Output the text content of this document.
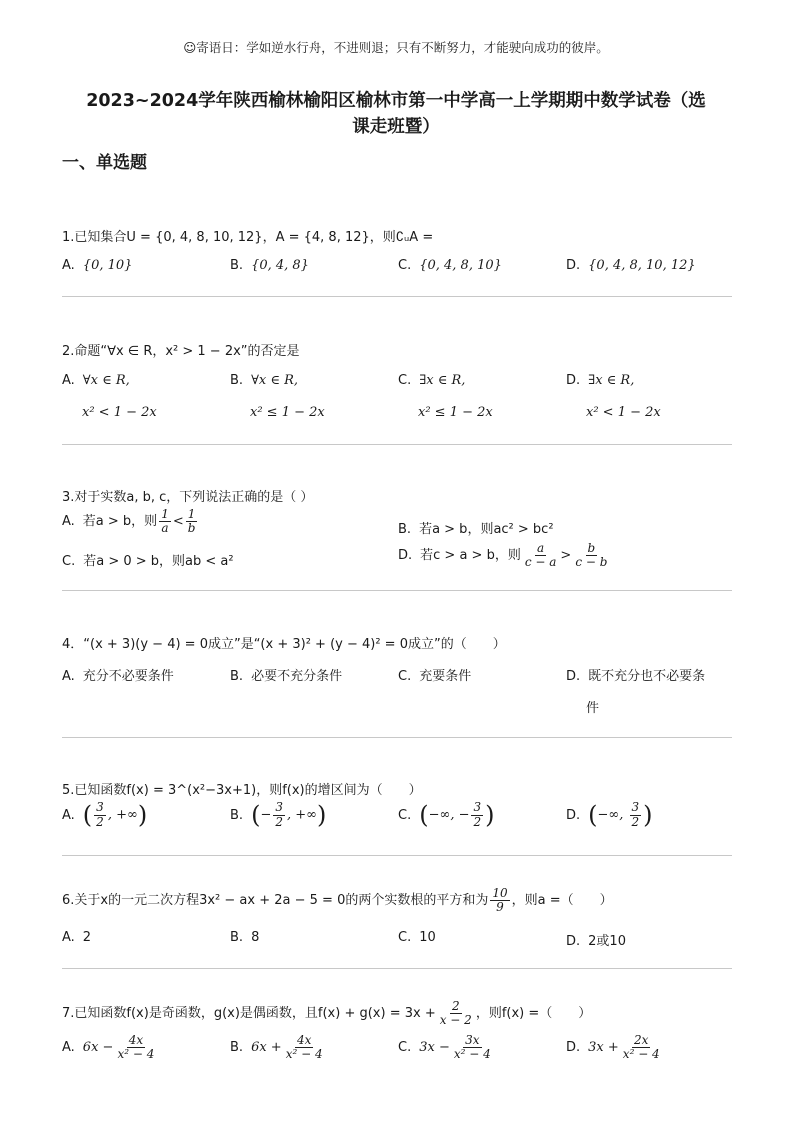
☺寄语日：学如逆水行舟，不进则退；只有不断努力，才能驶向成功的彼岸。
2023~2024学年陕西榆林榆阳区榆林市第一中学高一上学期期中数学试卷（选
课走班暨）
一、单选题
1.已知集合U = {0, 4, 8, 10, 12}，A = {4, 8, 12}，则∁ᵤA =
A. {0, 10}	B. {0, 4, 8}	C. {0, 4, 8, 10}	D. {0, 4, 8, 10, 12}
2.命题“∀x ∈ R，x² > 1 − 2x”的否定是
A. ∀x ∈ R,
x² < 1 − 2x
B. ∀x ∈ R,
x² ≤ 1 − 2x
C. ∃x ∈ R,
x² ≤ 1 − 2x
D. ∃x ∈ R,
x² < 1 − 2x
3.对于实数a, b, c，下列说法正确的是（ ）
A. 若a > b，则 $\frac{1}{a} < \frac{1}{b}$	B. 若a > b，则ac² > bc²
C. 若a > 0 > b，则ab < a²	D. 若c > a > b，则 $\frac{a}{c - a} > \frac{b}{c - b}$
4．“(x + 3)(y − 4) = 0成立”是“(x + 3)² + (y − 4)² = 0成立”的（　　）
A. 充分不必要条件	B. 必要不充分条件	C. 充要条件	D. 既不充分也不必要条
件
5.已知函数f(x) = 3^(x²−3x+1)，则f(x)的增区间为（　　）
A. ( $\frac{3}{2}$ , +∞)	B. (− $\frac{3}{2}$ , +∞)	C. (−∞, − $\frac{3}{2}$ )	D. (−∞, $\frac{3}{2}$ )
6.关于x的一元二次方程3x² − ax + 2a − 5 = 0的两个实数根的平方和为 $\frac{10}{9}$ ，则a =（　　）
A. 2	B. 8	C. 10	D. 2或10
7.已知函数f(x)是奇函数，g(x)是偶函数，且$f(x) + g(x) = 3x + \frac{2}{x - 2}$ ，则f(x) =（　　）
A. $6x - \frac{4x}{\text{x² − 4}}$	B. $6x + \frac{4x}{\text{x² − 4}}$	C. $3x - \frac{3x}{\text{x² − 4}}$	D. $3x + \frac{2x}{\text{x² − 4}}$
